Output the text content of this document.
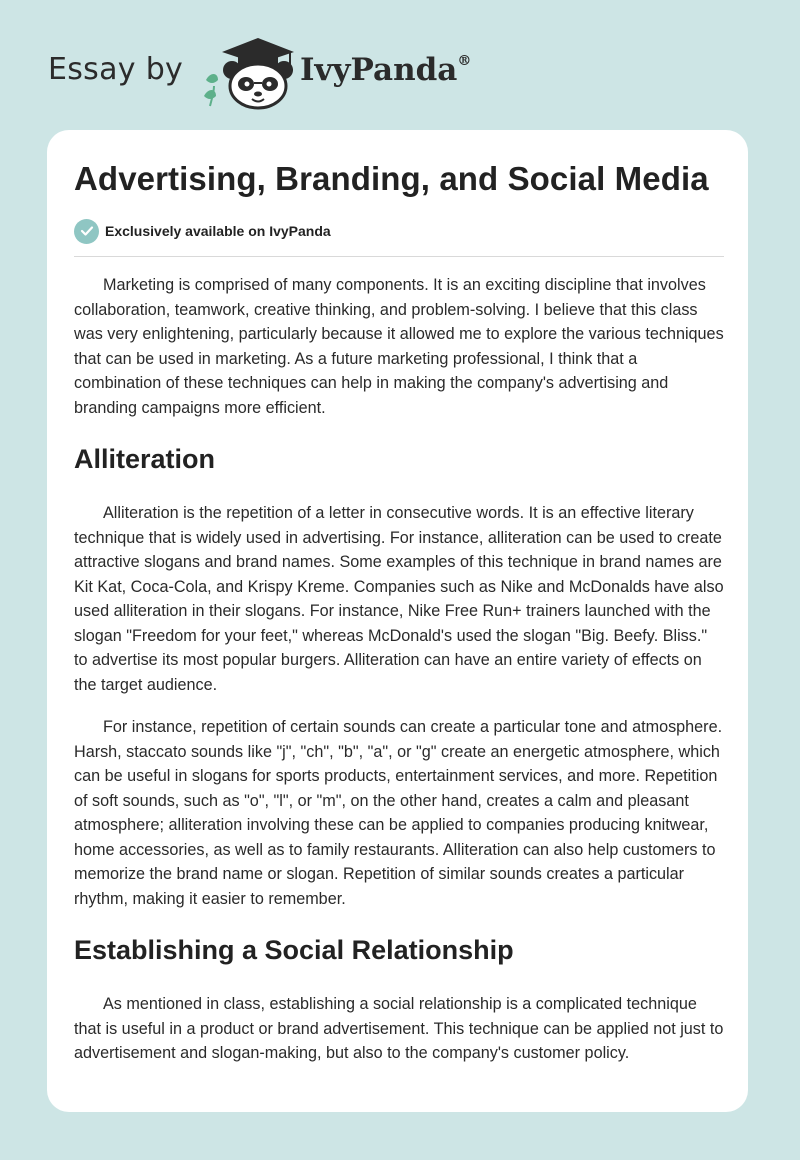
Essay by	IvyPanda®
Advertising, Branding, and Social Media
Exclusively available on IvyPanda

Marketing is comprised of many components. It is an exciting discipline that involves collaboration, teamwork, creative thinking, and problem-solving. I believe that this class was very enlightening, particularly because it allowed me to explore the various techniques that can be used in marketing. As a future marketing professional, I think that a combination of these techniques can help in making the company's advertising and branding campaigns more efficient.

Alliteration

Alliteration is the repetition of a letter in consecutive words. It is an effective literary technique that is widely used in advertising. For instance, alliteration can be used to create attractive slogans and brand names. Some examples of this technique in brand names are Kit Kat, Coca-Cola, and Krispy Kreme. Companies such as Nike and McDonalds have also used alliteration in their slogans. For instance, Nike Free Run+ trainers launched with the slogan "Freedom for your feet," whereas McDonald's used the slogan "Big. Beefy. Bliss." to advertise its most popular burgers. Alliteration can have an entire variety of effects on the target audience.

For instance, repetition of certain sounds can create a particular tone and atmosphere. Harsh, staccato sounds like "j", "ch", "b", "a", or "g" create an energetic atmosphere, which can be useful in slogans for sports products, entertainment services, and more. Repetition of soft sounds, such as "o", "l", or "m", on the other hand, creates a calm and pleasant atmosphere; alliteration involving these can be applied to companies producing knitwear, home accessories, as well as to family restaurants. Alliteration can also help customers to memorize the brand name or slogan. Repetition of similar sounds creates a particular rhythm, making it easier to remember.

Establishing a Social Relationship

As mentioned in class, establishing a social relationship is a complicated technique that is useful in a product or brand advertisement. This technique can be applied not just to advertisement and slogan-making, but also to the company's customer policy.
